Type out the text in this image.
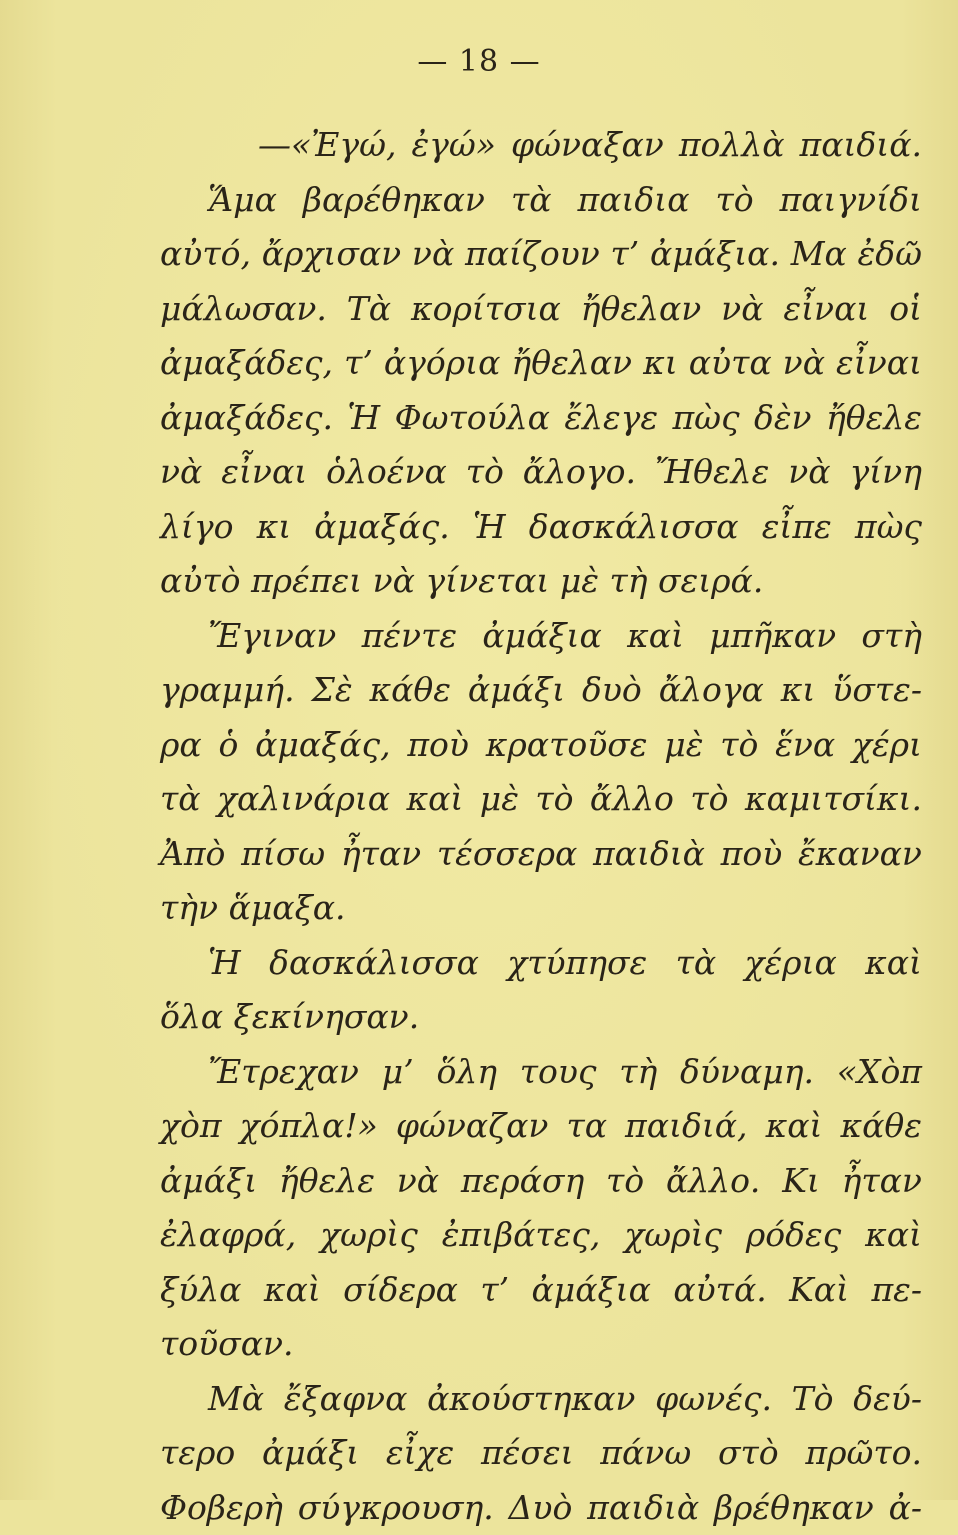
— 18 —
—«Ἐγώ, ἐγώ» φώναξαν πολλὰ παιδιά.
Ἅμα βαρέθηκαν τὰ παιδια τὸ παιγνίδι
αὐτό, ἄρχισαν νὰ παίζουν τ’ ἀμάξια. Μα ἐδῶ
μάλωσαν. Τὰ κορίτσια ἤθελαν νὰ εἶναι οἱ
ἀμαξάδες, τ’ ἀγόρια ἤθελαν κι αὐτα νὰ εἶναι
ἀμαξάδες. Ἡ Φωτούλα ἔλεγε πὼς δὲν ἤθελε
νὰ εἶναι ὁλοένα τὸ ἄλογο. Ἤθελε νὰ γίνη
λίγο κι ἀμαξάς. Ἡ δασκάλισσα εἶπε πὼς
αὐτὸ πρέπει νὰ γίνεται μὲ τὴ σειρά.
Ἔγιναν πέντε ἀμάξια καὶ μπῆκαν στὴ
γραμμή. Σὲ κάθε ἀμάξι δυὸ ἄλογα κι ὕστε-
ρα ὁ ἀμαξάς, ποὺ κρατοῦσε μὲ τὸ ἕνα χέρι
τὰ χαλινάρια καὶ μὲ τὸ ἄλλο τὸ καμιτσίκι.
Ἀπὸ πίσω ἦταν τέσσερα παιδιὰ ποὺ ἔκαναν
τὴν ἅμαξα.
Ἡ δασκάλισσα χτύπησε τὰ χέρια καὶ
ὅλα ξεκίνησαν.
Ἔτρεχαν μ’ ὅλη τους τὴ δύναμη. «Χὸπ
χὸπ χόπλα!» φώναζαν τα παιδιά, καὶ κάθε
ἀμάξι ἤθελε νὰ περάση τὸ ἄλλο. Κι ἦταν
ἐλαφρά, χωρὶς ἐπιβάτες, χωρὶς ρόδες καὶ
ξύλα καὶ σίδερα τ’ ἀμάξια αὐτά. Καὶ πε-
τοῦσαν.
Μὰ ἔξαφνα ἀκούστηκαν φωνές. Τὸ δεύ-
τερο ἀμάξι εἶχε πέσει πάνω στὸ πρῶτο.
Φοβερὴ σύγκρουση. Δυὸ παιδιὰ βρέθηκαν ἀ-
